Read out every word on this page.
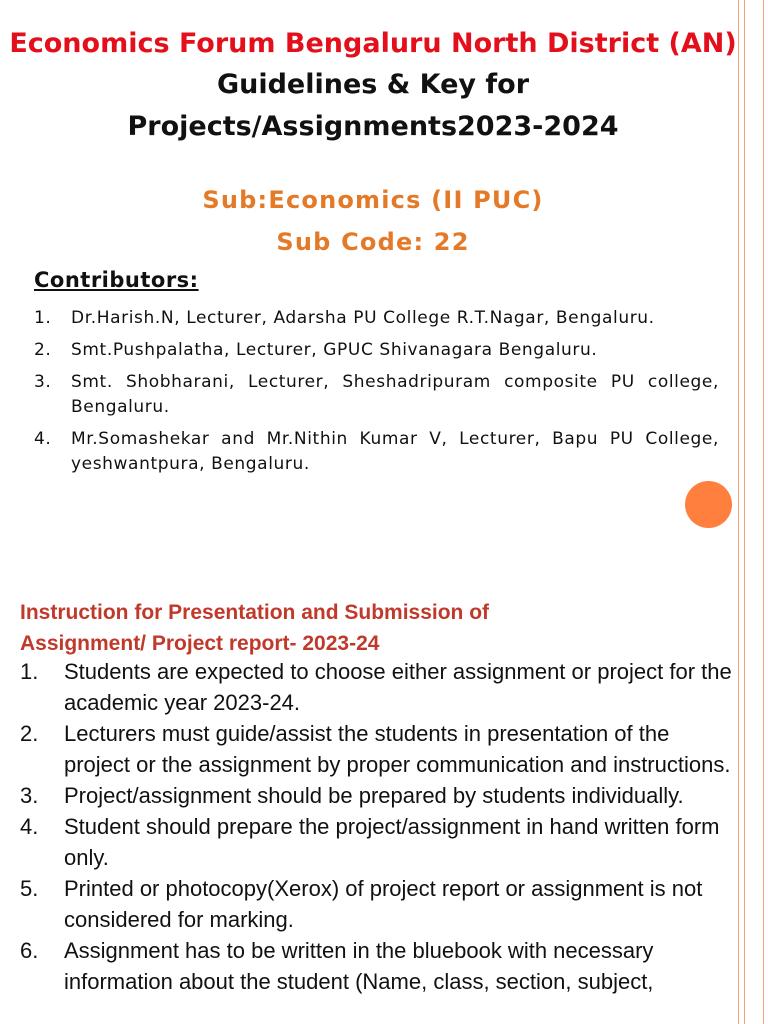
Economics Forum Bengaluru North District (AN)
Guidelines & Key for
Projects/Assignments2023-2024
Sub:Economics (II PUC)
Sub Code: 22
Contributors:
1. Dr.Harish.N, Lecturer, Adarsha PU College R.T.Nagar, Bengaluru.
2. Smt.Pushpalatha, Lecturer, GPUC Shivanagara Bengaluru.
3. Smt. Shobharani, Lecturer, Sheshadripuram composite PU college, Bengaluru.
4. Mr.Somashekar and Mr.Nithin Kumar V, Lecturer, Bapu PU College, yeshwantpura, Bengaluru.
Instruction for Presentation and Submission of
Assignment/ Project report- 2023-24
1. Students are expected to choose either assignment or project for the academic year 2023-24.
2. Lecturers must guide/assist the students in presentation of the project or the assignment by proper communication and instructions.
3. Project/assignment should be prepared by students individually.
4. Student should prepare the project/assignment in hand written form only.
5. Printed or photocopy(Xerox) of project report or assignment is not considered for marking.
6. Assignment has to be written in the bluebook with necessary information about the student (Name, class, section, subject,
